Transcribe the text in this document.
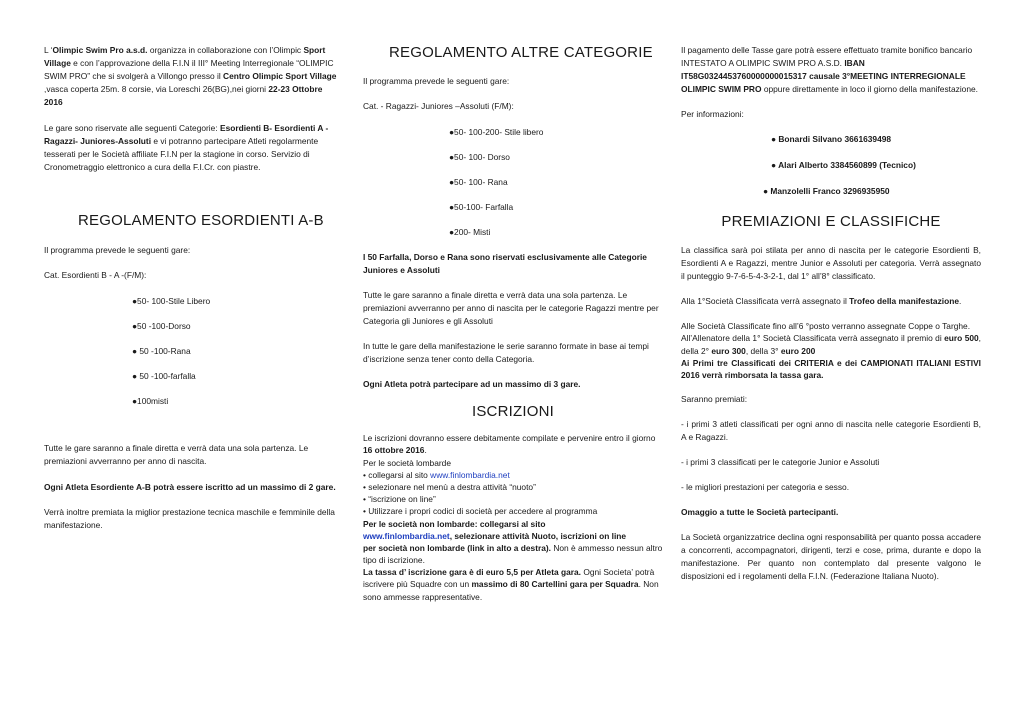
L ‘Olimpic Swim Pro a.s.d. organizza in collaborazione con l’Olimpic Sport Village e con l’approvazione della F.I.N il III° Meeting Interregionale “OLIMPIC SWIM PRO” che si svolgerà a Villongo presso il Centro Olimpic Sport Village ,vasca coperta 25m. 8 corsie, via Loreschi 26(BG),nei giorni 22-23 Ottobre 2016

Le gare sono riservate alle seguenti Categorie: Esordienti B- Esordienti A - Ragazzi- Juniores-Assoluti e vi potranno partecipare Atleti regolarmente tesserati per le Società affiliate F.I.N per la stagione in corso. Servizio di Cronometraggio elettronico a cura della F.I.Cr. con piastre.

REGOLAMENTO ESORDIENTI A-B

Il programma prevede le seguenti gare:

Cat. Esordienti B - A -(F/M):

●50- 100-Stile Libero

●50 -100-Dorso

● 50 -100-Rana

● 50 -100-farfalla

●100misti

Tutte le gare saranno a finale diretta e verrà data una sola partenza. Le premiazioni avverranno per anno di nascita.

Ogni Atleta Esordiente A-B potrà essere iscritto ad un massimo di 2 gare.

Verrà inoltre premiata la miglior prestazione tecnica maschile e femminile della manifestazione.

REGOLAMENTO ALTRE CATEGORIE

Il programma prevede le seguenti gare:

Cat. - Ragazzi- Juniores –Assoluti (F/M):

●50- 100-200- Stile libero

●50- 100- Dorso

●50- 100- Rana

●50-100- Farfalla

●200- Misti

I 50 Farfalla, Dorso e Rana sono riservati esclusivamente alle Categorie Juniores e Assoluti

Tutte le gare saranno a finale diretta e verrà data una sola partenza. Le premiazioni avverranno per anno di nascita per le categorie Ragazzi mentre per Categoria gli Juniores e gli Assoluti

In tutte le gare della manifestazione le serie saranno formate in base ai tempi d’iscrizione senza tener conto della Categoria.

Ogni Atleta potrà partecipare ad un massimo di 3 gare.

ISCRIZIONI

Le iscrizioni dovranno essere debitamente compilate e pervenire entro il giorno 16 ottobre 2016.

Per le società lombarde

• collegarsi al sito www.finlombardia.net

• selezionare nel menù a destra attività “nuoto”

• “iscrizione on line”

• Utilizzare i propri codici di società per accedere al programma

Per le società non lombarde: collegarsi al sito

www.finlombardia.net, selezionare attività Nuoto, iscrizioni on line

per società non lombarde (link in alto a destra). Non è ammesso nessun altro tipo di iscrizione.

La tassa d’ iscrizione gara è di euro 5,5 per Atleta gara. Ogni Societa’ potrà iscrivere più Squadre con un massimo di 80 Cartellini gara per Squadra. Non sono ammesse rappresentative.

Il pagamento delle Tasse gare potrà essere effettuato tramite bonifico bancario INTESTATO A OLIMPIC SWIM PRO A.S.D. IBAN IT58G0324453760000000015317 causale 3°MEETING INTERREGIONALE OLIMPIC SWIM PRO oppure direttamente in loco il giorno della manifestazione.

Per informazioni:

● Bonardi Silvano 3661639498

● Alari Alberto 3384560899 (Tecnico)

● Manzolelli Franco 3296935950

PREMIAZIONI E CLASSIFICHE

La classifica sarà poi stilata per anno di nascita per le categorie Esordienti B, Esordienti A e Ragazzi, mentre Junior e Assoluti per categoria. Verrà assegnato il punteggio 9-7-6-5-4-3-2-1, dal 1° all’8° classificato.

Alla 1°Società Classificata verrà assegnato il Trofeo della manifestazione.

Alle Società Classificate fino all’6 °posto verranno assegnate Coppe o Targhe.

All’Allenatore della 1° Società Classificata verrà assegnato il premio di euro 500, della 2° euro 300, della 3° euro 200

Ai Primi tre Classificati dei CRITERIA e dei CAMPIONATI ITALIANI ESTIVI 2016 verrà rimborsata la tassa gara.

Saranno premiati:

- i primi 3 atleti classificati per ogni anno di nascita nelle categorie Esordienti B, A e Ragazzi.

- i primi 3 classificati per le categorie Junior e Assoluti

- le migliori prestazioni per categoria e sesso.

Omaggio a tutte le Società partecipanti.

La Società organizzatrice declina ogni responsabilità per quanto possa accadere a concorrenti, accompagnatori, dirigenti, terzi e cose, prima, durante e dopo la manifestazione. Per quanto non contemplato dal presente valgono le disposizioni ed i regolamenti della F.I.N. (Federazione Italiana Nuoto).
